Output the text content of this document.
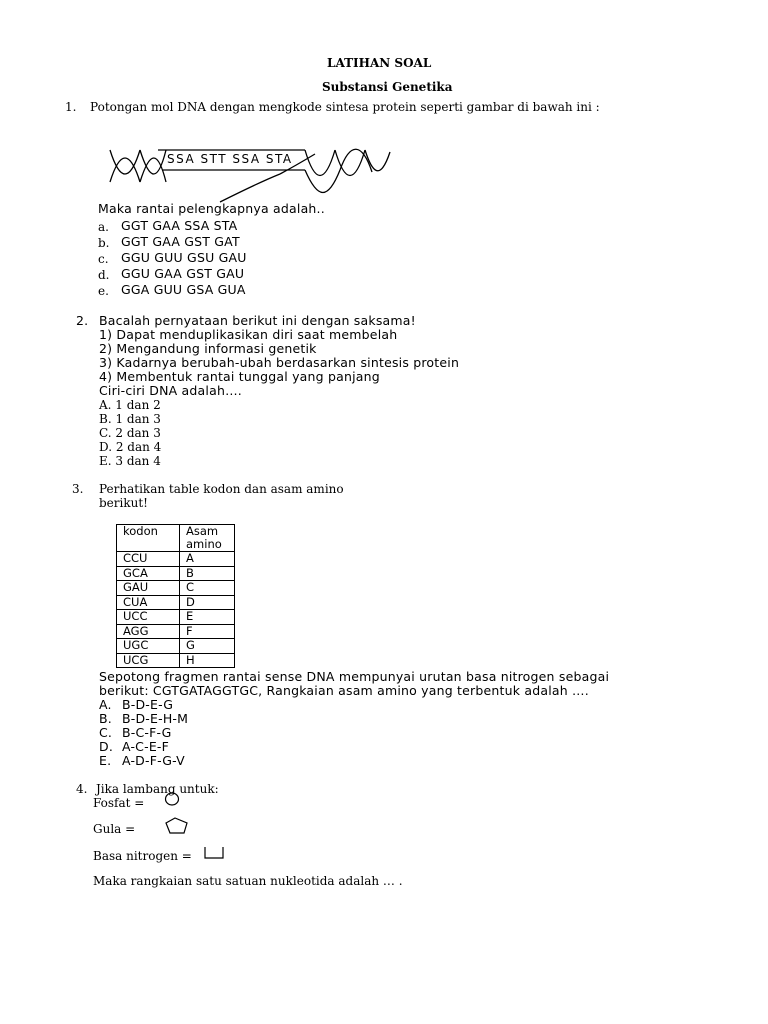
LATIHAN SOAL
Substansi Genetika
1. Potongan mol DNA dengan mengkode sintesa protein seperti gambar di bawah ini :
SSA STT SSA STA
Maka rantai pelengkapnya adalah..
a. GGT GAA SSA STA
b. GGT GAA GST GAT
c. GGU GUU GSU GAU
d. GGU GAA GST GAU
e. GGA GUU GSA GUA
2. Bacalah pernyataan berikut ini dengan saksama!
1) Dapat menduplikasikan diri saat membelah
2) Mengandung informasi genetik
3) Kadarnya berubah-ubah berdasarkan sintesis protein
4) Membentuk rantai tunggal yang panjang
Ciri-ciri DNA adalah….
A. 1 dan 2
B. 1 dan 3
C. 2 dan 3
D. 2 dan 4
E. 3 dan 4
3. Perhatikan table kodon dan asam amino
berikut!
kodon	Asam
amino
CCU	A
GCA	B
GAU	C
CUA	D
UCC	E
AGG	F
UGC	G
UCG	H
Sepotong fragmen rantai sense DNA mempunyai urutan basa nitrogen sebagai
berikut: CGTGATAGGTGC, Rangkaian asam amino yang terbentuk adalah ….
A. B-D-E-G
B. B-D-E-H-M
C. B-C-F-G
D. A-C-E-F
E. A-D-F-G-V
4. Jika lambang untuk:
Fosfat =
Gula =
Basa nitrogen =
Maka rangkaian satu satuan nukleotida adalah … .
